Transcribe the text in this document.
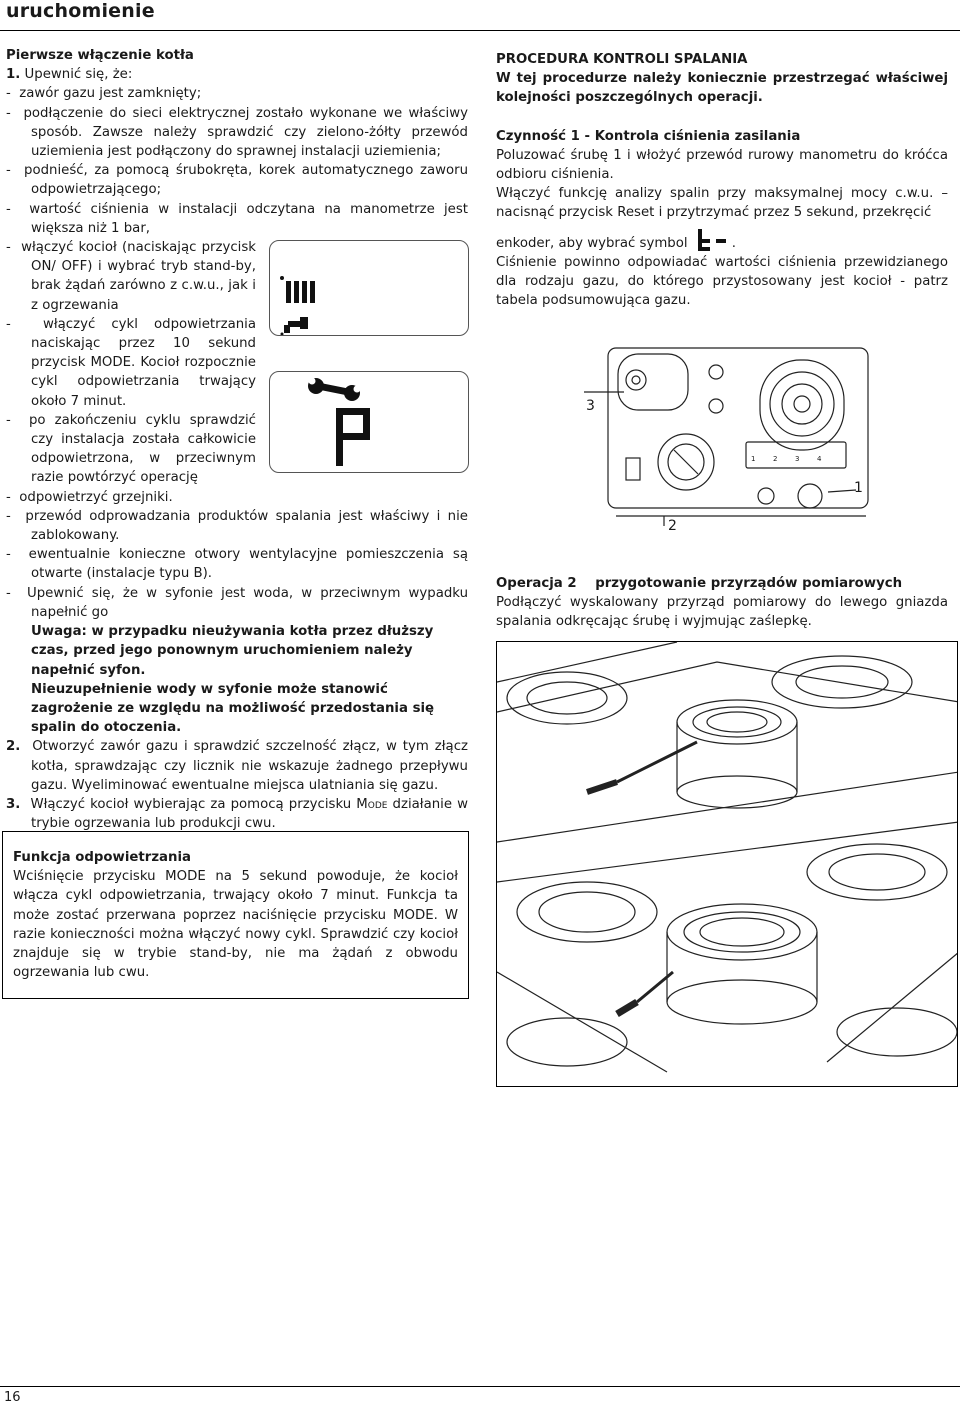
uruchomienie

Pierwsze włączenie kotła

1. Upewnić się, że:

-  zawór gazu jest zamknięty;

-  podłączenie do sieci elektrycznej zostało wykonane we właściwy sposób. Zawsze należy sprawdzić czy zielono-żółty przewód uziemienia jest podłączony do sprawnej instalacji uziemienia;

-  podnieść, za pomocą śrubokręta, korek automatycznego zaworu odpowietrzającego;

-  wartość ciśnienia w instalacji odczytana na manometrze jest większa niż 1 bar,

-  włączyć kocioł (naciskając przycisk ON/ OFF) i wybrać tryb stand-by, brak żądań zarówno z c.w.u., jak i z ogrzewania

-  włączyć cykl odpowietrzania naciskając przez 10 sekund przycisk MODE. Kocioł rozpocznie cykl odpowietrzania trwający około 7 minut.

-  po zakończeniu cyklu sprawdzić czy instalacja została całkowicie odpowietrzona, w przeciwnym razie powtórzyć operację

-  odpowietrzyć grzejniki.

-  przewód odprowadzania produktów spalania jest właściwy i nie zablokowany.

-  ewentualnie konieczne otwory wentylacyjne pomieszczenia są otwarte (instalacje typu B).

-  Upewnić się, że w syfonie jest woda, w przeciwnym wypadku napełnić go

Uwaga: w przypadku nieużywania kotła przez dłuższy czas, przed jego ponownym uruchomieniem należy napełnić syfon.

Nieuzupełnienie wody w syfonie może stanowić zagrożenie ze względu na możliwość przedostania się spalin do otoczenia.

2. Otworzyć zawór gazu i sprawdzić szczelność złącz, w tym złącz kotła, sprawdzając czy licznik nie wskazuje żadnego przepływu gazu. Wyeliminować ewentualne miejsca ulatniania się gazu.

3. Włączyć kocioł wybierając za pomocą przycisku Mode działanie w trybie ogrzewania lub produkcji cwu.

Funkcja odpowietrzania

Wciśnięcie przycisku MODE na 5 sekund powoduje, że kocioł włącza cykl odpowietrzania, trwający około 7 minut. Funkcja ta może zostać przerwana poprzez naciśnięcie przycisku MODE. W razie konieczności można włączyć nowy cykl. Sprawdzić czy kocioł znajduje się w trybie stand-by, nie ma żądań z obwodu ogrzewania lub cwu.

PROCEDURA KONTROLI SPALANIA

W tej procedurze należy koniecznie przestrzegać właściwej kolejności poszczególnych operacji.

Czynność 1 - Kontrola ciśnienia zasilania

Poluzować śrubę 1 i włożyć przewód rurowy manometru do króćca odbioru ciśnienia.

Włączyć funkcję analizy spalin przy maksymalnej mocy c.w.u. – nacisnąć przycisk Reset i przytrzymać przez 5 sekund, przekręcić

enkoder, aby wybrać symbol	.

Ciśnienie powinno odpowiadać wartości ciśnienia przewidzianego dla rodzaju gazu, do którego przystosowany jest kocioł - patrz tabela podsumowująca gazu.

3
2
1
1	2	3	4

Operacja 2 przygotowanie przyrządów pomiarowych

Podłączyć wyskalowany przyrząd pomiarowy do lewego gniazda spalania odkręcając śrubę i wyjmując zaślepkę.

16
